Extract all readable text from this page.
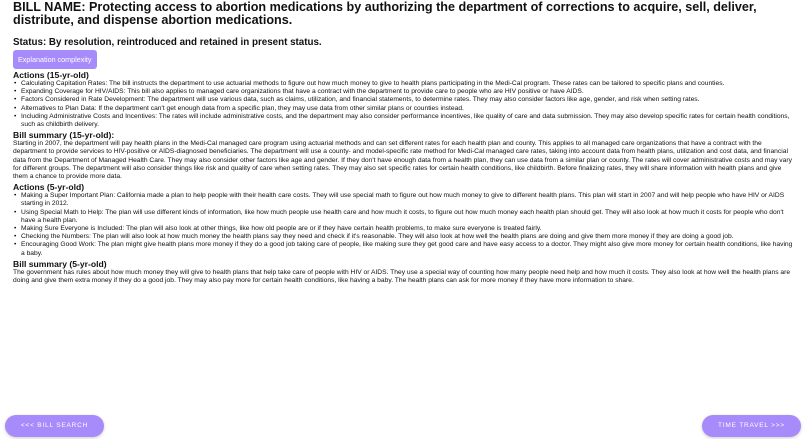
BILL NAME: Protecting access to abortion medications by authorizing the department of corrections to acquire, sell, deliver, distribute, and dispense abortion medications.
Status: By resolution, reintroduced and retained in present status.
Explanation complexity
Actions (15-yr-old)
• Calculating Capitation Rates: The bill instructs the department to use actuarial methods to figure out how much money to give to health plans participating in the Medi-Cal program. These rates can be tailored to specific plans and counties.
• Expanding Coverage for HIV/AIDS: This bill also applies to managed care organizations that have a contract with the department to provide care to people who are HIV positive or have AIDS.
• Factors Considered in Rate Development: The department will use various data, such as claims, utilization, and financial statements, to determine rates. They may also consider factors like age, gender, and risk when setting rates.
• Alternatives to Plan Data: If the department can't get enough data from a specific plan, they may use data from other similar plans or counties instead.
• Including Administrative Costs and Incentives: The rates will include administrative costs, and the department may also consider performance incentives, like quality of care and data submission. They may also develop specific rates for certain health conditions, such as childbirth delivery.
Bill summary (15-yr-old):

Starting in 2007, the department will pay health plans in the Medi-Cal managed care program using actuarial methods and can set different rates for each health plan and county. This applies to all managed care organizations that have a contract with the department to provide services to HIV-positive or AIDS-diagnosed beneficiaries. The department will use a county- and model-specific rate method for Medi-Cal managed care rates, taking into account data from health plans, utilization and cost data, and financial data from the Department of Managed Health Care. They may also consider other factors like age and gender. If they don't have enough data from a health plan, they can use data from a similar plan or county. The rates will cover administrative costs and may vary for different groups. The department will also consider things like risk and quality of care when setting rates. They may also set specific rates for certain health conditions, like childbirth. Before finalizing rates, they will share information with health plans and give them a chance to provide more data.

Actions (5-yr-old)
• Making a Super Important Plan: California made a plan to help people with their health care costs. They will use special math to figure out how much money to give to different health plans. This plan will start in 2007 and will help people who have HIV or AIDS starting in 2012.
• Using Special Math to Help: The plan will use different kinds of information, like how much people use health care and how much it costs, to figure out how much money each health plan should get. They will also look at how much it costs for people who don't have a health plan.
• Making Sure Everyone is Included: The plan will also look at other things, like how old people are or if they have certain health problems, to make sure everyone is treated fairly.
• Checking the Numbers: The plan will also look at how much money the health plans say they need and check if it's reasonable. They will also look at how well the health plans are doing and give them more money if they are doing a good job.
• Encouraging Good Work: The plan might give health plans more money if they do a good job taking care of people, like making sure they get good care and have easy access to a doctor. They might also give more money for certain health conditions, like having a baby.
Bill summary (5-yr-old)

The government has rules about how much money they will give to health plans that help take care of people with HIV or AIDS. They use a special way of counting how many people need help and how much it costs. They also look at how well the health plans are doing and give them extra money if they do a good job. They may also pay more for certain health conditions, like having a baby. The health plans can ask for more money if they have more information to share.

<<< BILL SEARCH	TIME TRAVEL >>>
